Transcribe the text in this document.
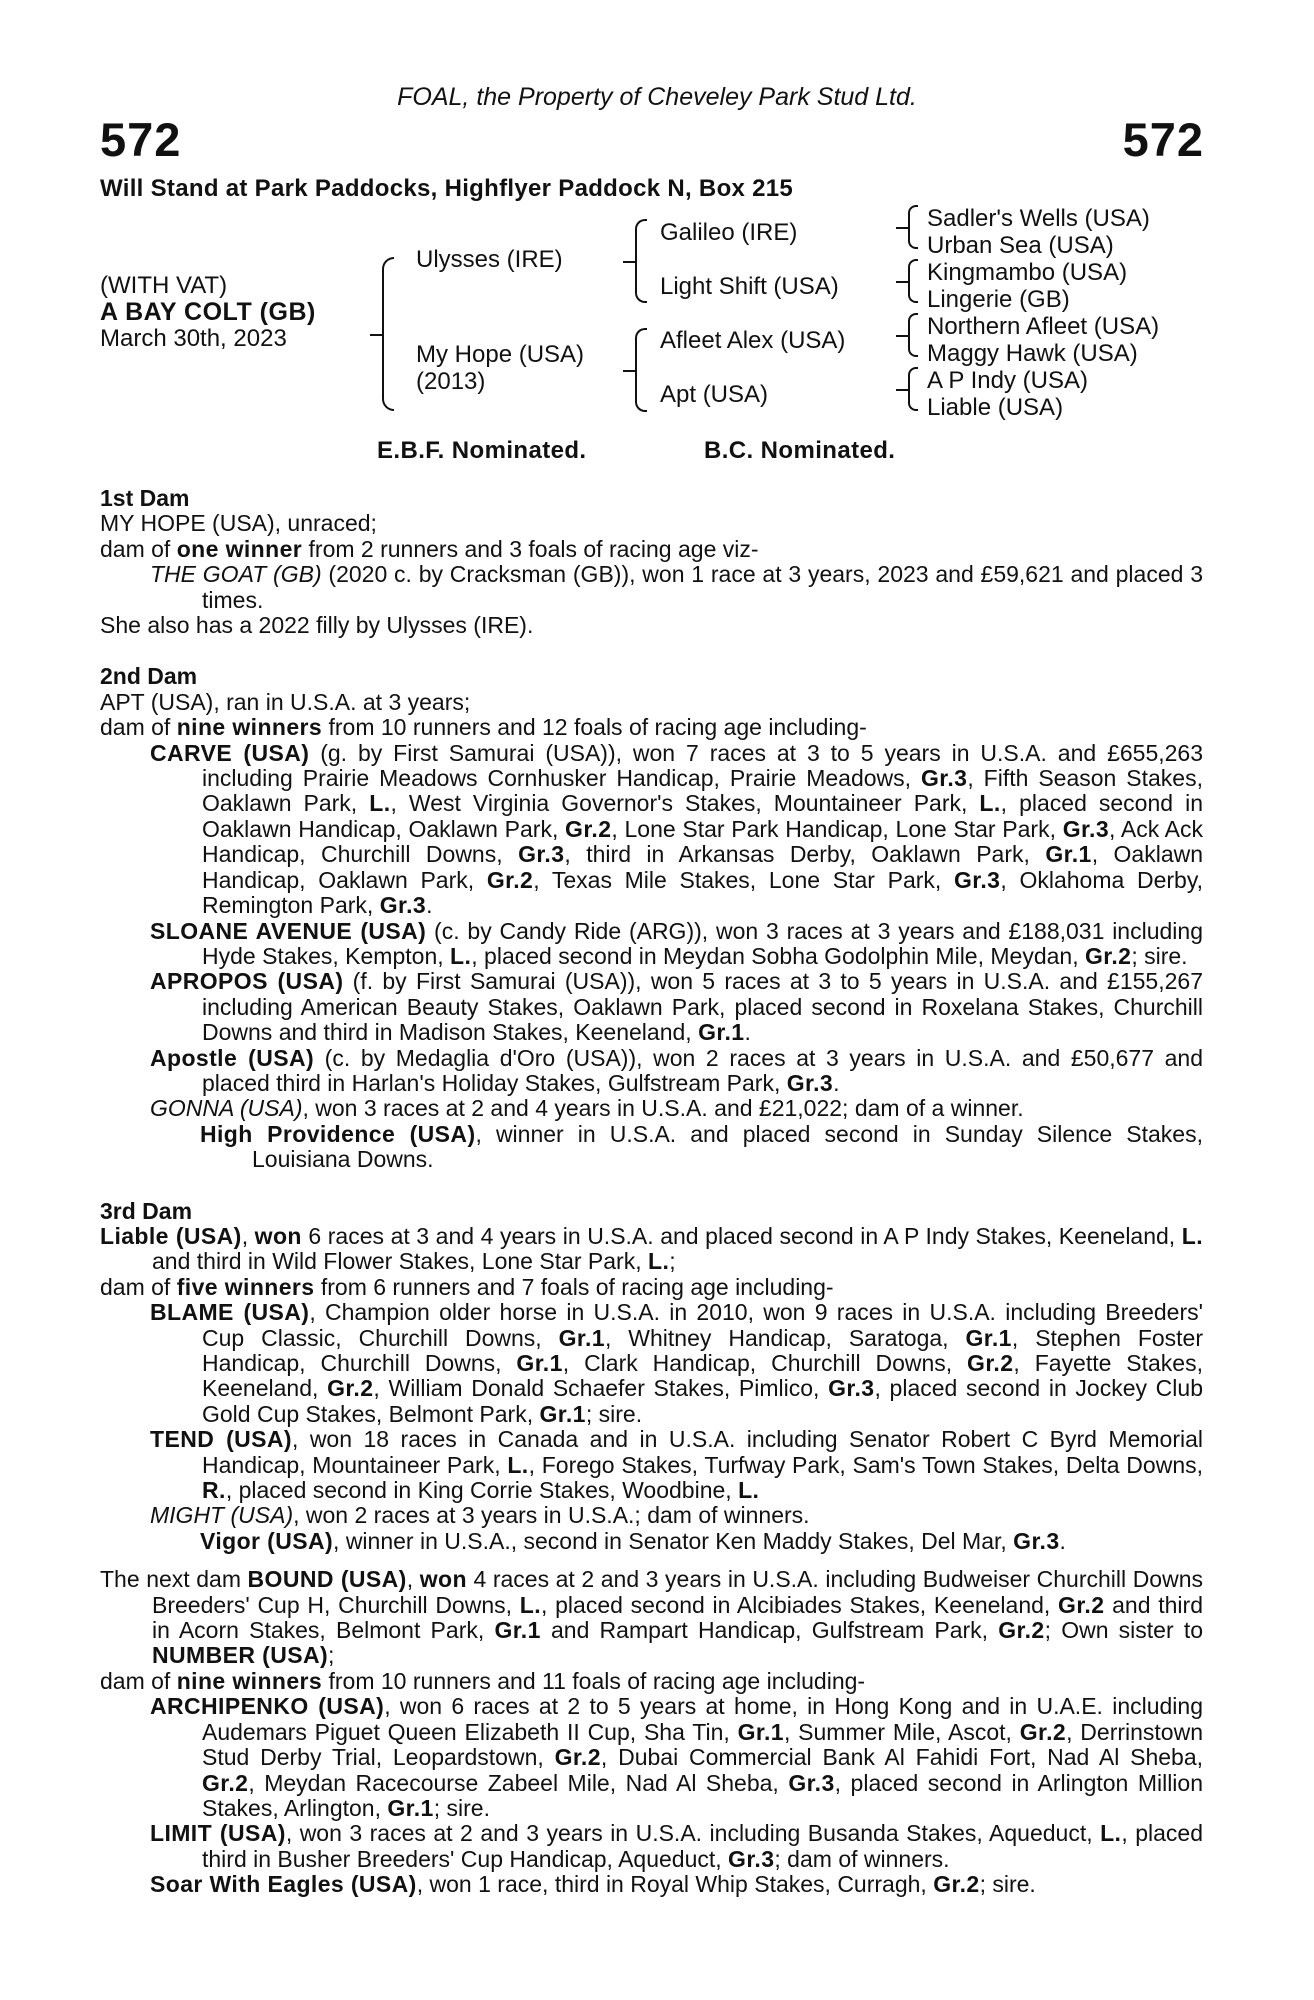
FOAL, the Property of Cheveley Park Stud Ltd.
572	572
Will Stand at Park Paddocks, Highflyer Paddock N, Box 215
(WITH VAT)
A BAY COLT (GB)
March 30th, 2023
Ulysses (IRE)
My Hope (USA)
(2013)
Galileo (IRE)
Light Shift (USA)
Afleet Alex (USA)
Apt (USA)
Sadler's Wells (USA)
Urban Sea (USA)
Kingmambo (USA)
Lingerie (GB)
Northern Afleet (USA)
Maggy Hawk (USA)
A P Indy (USA)
Liable (USA)
E.B.F. Nominated.	B.C. Nominated.

1st Dam

MY HOPE (USA), unraced;

dam of one winner from 2 runners and 3 foals of racing age viz-

THE GOAT (GB) (2020 c. by Cracksman (GB)), won 1 race at 3 years, 2023 and £59,621 and placed 3 times.

She also has a 2022 filly by Ulysses (IRE).

2nd Dam

APT (USA), ran in U.S.A. at 3 years;

dam of nine winners from 10 runners and 12 foals of racing age including-

CARVE (USA) (g. by First Samurai (USA)), won 7 races at 3 to 5 years in U.S.A. and £655,263 including Prairie Meadows Cornhusker Handicap, Prairie Meadows, Gr.3, Fifth Season Stakes, Oaklawn Park, L., West Virginia Governor's Stakes, Mountaineer Park, L., placed second in Oaklawn Handicap, Oaklawn Park, Gr.2, Lone Star Park Handicap, Lone Star Park, Gr.3, Ack Ack Handicap, Churchill Downs, Gr.3, third in Arkansas Derby, Oaklawn Park, Gr.1, Oaklawn Handicap, Oaklawn Park, Gr.2, Texas Mile Stakes, Lone Star Park, Gr.3, Oklahoma Derby, Remington Park, Gr.3.

SLOANE AVENUE (USA) (c. by Candy Ride (ARG)), won 3 races at 3 years and £188,031 including Hyde Stakes, Kempton, L., placed second in Meydan Sobha Godolphin Mile, Meydan, Gr.2; sire.

APROPOS (USA) (f. by First Samurai (USA)), won 5 races at 3 to 5 years in U.S.A. and £155,267 including American Beauty Stakes, Oaklawn Park, placed second in Roxelana Stakes, Churchill Downs and third in Madison Stakes, Keeneland, Gr.1.

Apostle (USA) (c. by Medaglia d'Oro (USA)), won 2 races at 3 years in U.S.A. and £50,677 and placed third in Harlan's Holiday Stakes, Gulfstream Park, Gr.3.

GONNA (USA), won 3 races at 2 and 4 years in U.S.A. and £21,022; dam of a winner.

High Providence (USA), winner in U.S.A. and placed second in Sunday Silence Stakes, Louisiana Downs.

3rd Dam

Liable (USA), won 6 races at 3 and 4 years in U.S.A. and placed second in A P Indy Stakes, Keeneland, L. and third in Wild Flower Stakes, Lone Star Park, L.;

dam of five winners from 6 runners and 7 foals of racing age including-

BLAME (USA), Champion older horse in U.S.A. in 2010, won 9 races in U.S.A. including Breeders' Cup Classic, Churchill Downs, Gr.1, Whitney Handicap, Saratoga, Gr.1, Stephen Foster Handicap, Churchill Downs, Gr.1, Clark Handicap, Churchill Downs, Gr.2, Fayette Stakes, Keeneland, Gr.2, William Donald Schaefer Stakes, Pimlico, Gr.3, placed second in Jockey Club Gold Cup Stakes, Belmont Park, Gr.1; sire.

TEND (USA), won 18 races in Canada and in U.S.A. including Senator Robert C Byrd Memorial Handicap, Mountaineer Park, L., Forego Stakes, Turfway Park, Sam's Town Stakes, Delta Downs, R., placed second in King Corrie Stakes, Woodbine, L.

MIGHT (USA), won 2 races at 3 years in U.S.A.; dam of winners.

Vigor (USA), winner in U.S.A., second in Senator Ken Maddy Stakes, Del Mar, Gr.3.

The next dam BOUND (USA), won 4 races at 2 and 3 years in U.S.A. including Budweiser Churchill Downs Breeders' Cup H, Churchill Downs, L., placed second in Alcibiades Stakes, Keeneland, Gr.2 and third in Acorn Stakes, Belmont Park, Gr.1 and Rampart Handicap, Gulfstream Park, Gr.2; Own sister to NUMBER (USA);

dam of nine winners from 10 runners and 11 foals of racing age including-

ARCHIPENKO (USA), won 6 races at 2 to 5 years at home, in Hong Kong and in U.A.E. including Audemars Piguet Queen Elizabeth II Cup, Sha Tin, Gr.1, Summer Mile, Ascot, Gr.2, Derrinstown Stud Derby Trial, Leopardstown, Gr.2, Dubai Commercial Bank Al Fahidi Fort, Nad Al Sheba, Gr.2, Meydan Racecourse Zabeel Mile, Nad Al Sheba, Gr.3, placed second in Arlington Million Stakes, Arlington, Gr.1; sire.

LIMIT (USA), won 3 races at 2 and 3 years in U.S.A. including Busanda Stakes, Aqueduct, L., placed third in Busher Breeders' Cup Handicap, Aqueduct, Gr.3; dam of winners.

Soar With Eagles (USA), won 1 race, third in Royal Whip Stakes, Curragh, Gr.2; sire.
